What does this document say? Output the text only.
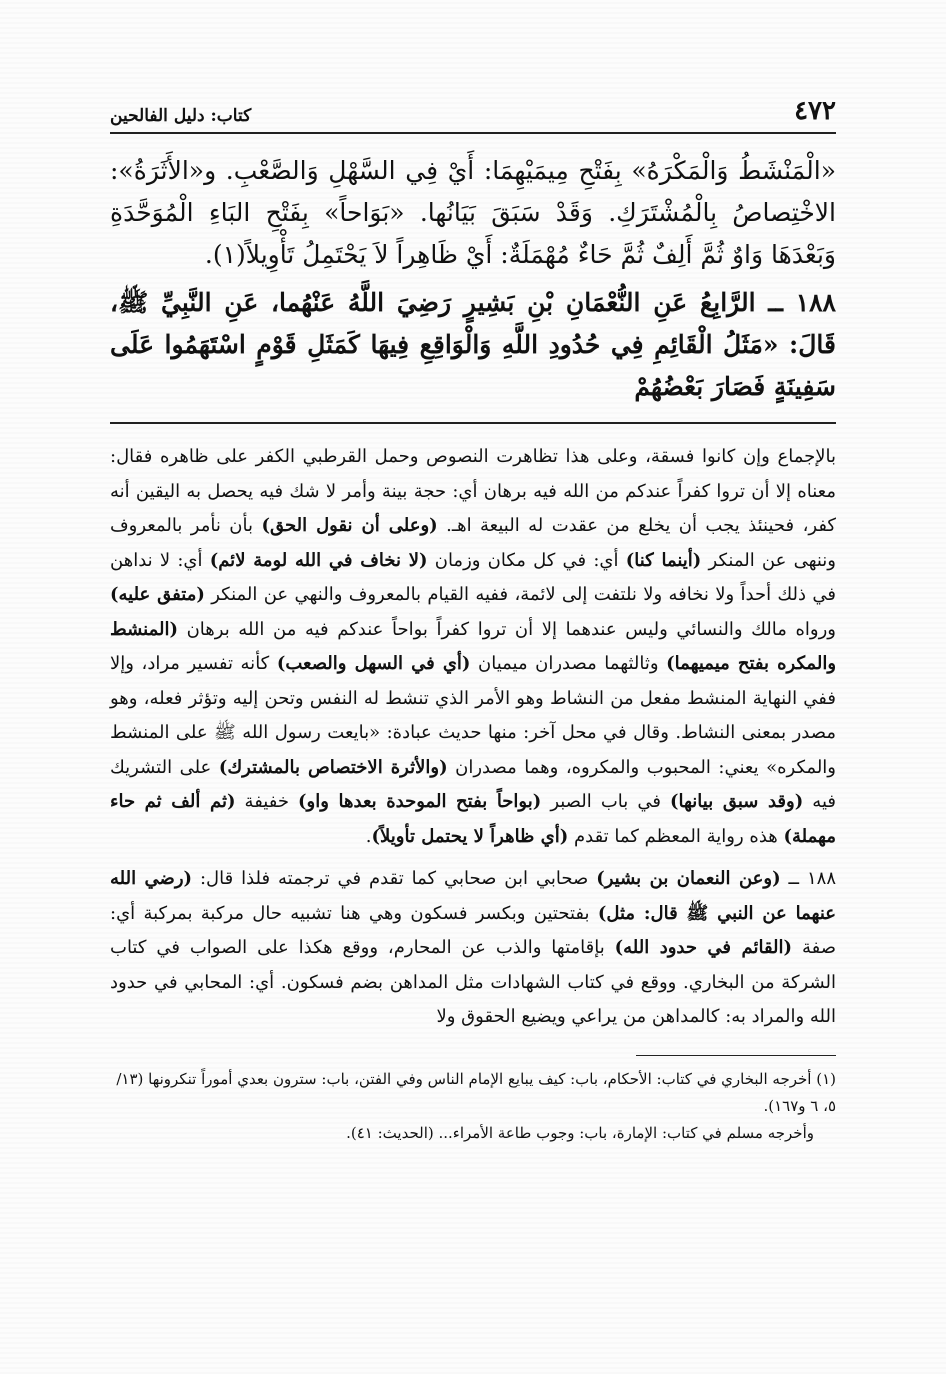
٤٧٢
كتاب: دليل الفالحين

«الْمَنْشَطُ وَالْمَكْرَهُ» بِفَتْحِ مِيمَيْهِمَا: أَيْ فِي السَّهْلِ وَالصَّعْبِ. و«الأَثَرَةُ»: الاخْتِصاصُ بِالْمُشْتَرَكِ. وَقَدْ سَبَقَ بَيَانُها. «بَوَاحاً» بِفَتْحِ البَاءِ الْمُوَحَّدَةِ وَبَعْدَهَا وَاوٌ ثُمَّ أَلِفٌ ثُمَّ حَاءٌ مُهْمَلَةٌ: أَيْ ظَاهِراً لاَ يَحْتَمِلُ تَأْوِيلاً(١).

١٨٨ ــ الرَّابِعُ عَنِ النُّعْمَانِ بْنِ بَشِيرٍ رَضِيَ اللَّهُ عَنْهُما، عَنِ النَّبِيِّ ﷺ، قَالَ: «مَثَلُ الْقَائِمِ فِي حُدُودِ اللَّهِ وَالْوَاقِعِ فِيهَا كَمَثَلِ قَوْمٍ اسْتَهَمُوا عَلَى سَفِينَةٍ فَصَارَ بَعْضُهُمْ

بالإجماع وإن كانوا فسقة، وعلى هذا تظاهرت النصوص وحمل القرطبي الكفر على ظاهره فقال: معناه إلا أن تروا كفراً عندكم من الله فيه برهان أي: حجة بينة وأمر لا شك فيه يحصل به اليقين أنه كفر، فحينئذ يجب أن يخلع من عقدت له البيعة اهـ. (وعلى أن نقول الحق) بأن نأمر بالمعروف وننهى عن المنكر (أينما كنا) أي: في كل مكان وزمان (لا نخاف في الله لومة لائم) أي: لا نداهن في ذلك أحداً ولا نخافه ولا نلتفت إلى لائمة، ففيه القيام بالمعروف والنهي عن المنكر (متفق عليه) ورواه مالك والنسائي وليس عندهما إلا أن تروا كفراً بواحاً عندكم فيه من الله برهان (المنشط والمكره بفتح ميميهما) وثالثهما مصدران ميميان (أي في السهل والصعب) كأنه تفسير مراد، وإلا ففي النهاية المنشط مفعل من النشاط وهو الأمر الذي تنشط له النفس وتحن إليه وتؤثر فعله، وهو مصدر بمعنى النشاط. وقال في محل آخر: منها حديث عبادة: «بايعت رسول الله ﷺ على المنشط والمكره» يعني: المحبوب والمكروه، وهما مصدران (والأثرة الاختصاص بالمشترك) على التشريك فيه (وقد سبق بيانها) في باب الصبر (بواحاً بفتح الموحدة بعدها واو) خفيفة (ثم ألف ثم حاء مهملة) هذه رواية المعظم كما تقدم (أي ظاهراً لا يحتمل تأويلاً).

١٨٨ ــ (وعن النعمان بن بشير) صحابي ابن صحابي كما تقدم في ترجمته فلذا قال: (رضي الله عنهما عن النبي ﷺ قال: مثل) بفتحتين وبكسر فسكون وهي هنا تشبيه حال مركبة بمركبة أي: صفة (القائم في حدود الله) بإقامتها والذب عن المحارم، ووقع هكذا على الصواب في كتاب الشركة من البخاري. ووقع في كتاب الشهادات مثل المداهن بضم فسكون. أي: المحابي في حدود الله والمراد به: كالمداهن من يراعي ويضيع الحقوق ولا

(١) أخرجه البخاري في كتاب: الأحكام، باب: كيف يبايع الإمام الناس وفي الفتن، باب: سترون بعدي أموراً تنكرونها (١٣/ ٥، ٦ و١٦٧).

وأخرجه مسلم في كتاب: الإمارة، باب: وجوب طاعة الأمراء... (الحديث: ٤١).
